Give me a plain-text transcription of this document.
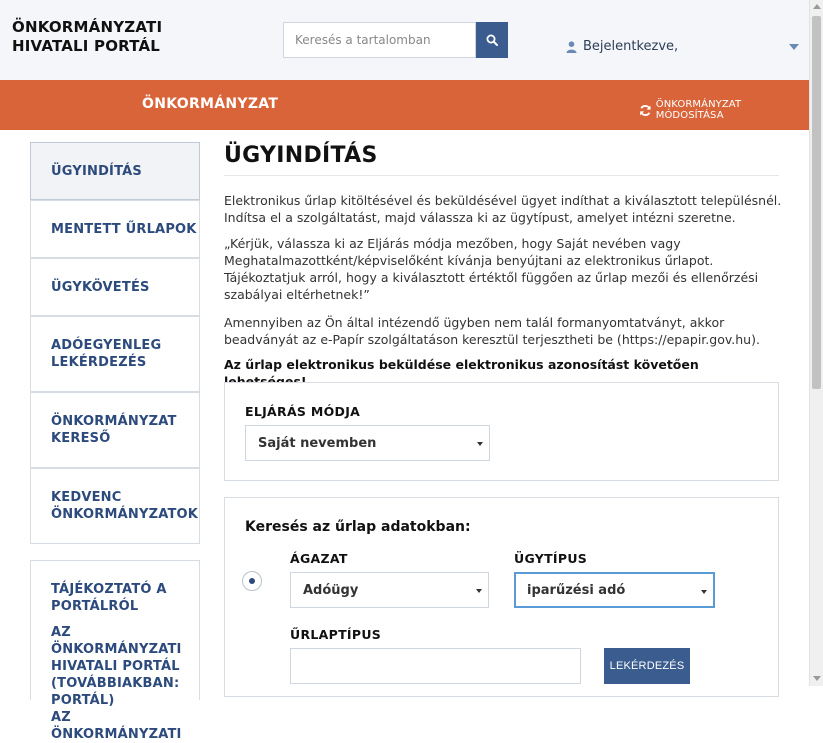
ÖNKORMÁNYZATI
HIVATALI PORTÁL
Keresés a tartalomban	Bejelentkezve,
ÖNKORMÁNYZAT	ÖNKORMÁNYZAT MÓDOSÍTÁSA
ÜGYINDÍTÁS
MENTETT ŰRLAPOK
ÜGYKÖVETÉS
ADÓEGYENLEG
LEKÉRDEZÉS
ÖNKORMÁNYZAT
KERESŐ
KEDVENC
ÖNKORMÁNYZATOK
TÁJÉKOZTATÓ A
PORTÁLRÓL
AZ ÖNKORMÁNYZATI
HIVATALI PORTÁL
(TOVÁBBIAKBAN: PORTÁL)
AZ ÖNKORMÁNYZATI
ÜGYINDÍTÁS
Elektronikus űrlap kitöltésével és beküldésével ügyet indíthat a kiválasztott településnél. Indítsa el a szolgáltatást, majd válassza ki az ügytípust, amelyet intézni szeretne.
„Kérjük, válassza ki az Eljárás módja mezőben, hogy Saját nevében vagy Meghatalmazottként/képviselőként kívánja benyújtani az elektronikus űrlapot. Tájékoztatjuk arról, hogy a kiválasztott értéktől függően az űrlap mezői és ellenőrzési szabályai eltérhetnek!”
Amennyiben az Ön által intézendő ügyben nem talál formanyomtatványt, akkor beadványát az e-Papír szolgáltatáson keresztül terjesztheti be (https://epapir.gov.hu).
Az űrlap elektronikus beküldése elektronikus azonosítást követően
ELJÁRÁS MÓDJA
Saját nevemben
Keresés az űrlap adatokban:
ÁGAZAT
Adóügy
ÜGYTÍPUS
iparűzési adó
ŰRLAPTÍPUS
LEKÉRDEZÉS
